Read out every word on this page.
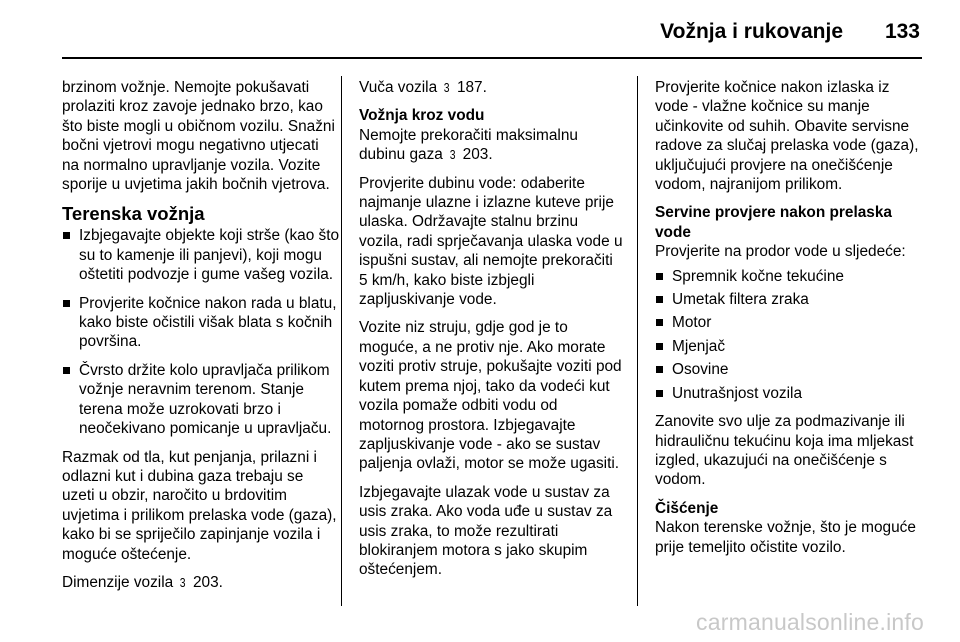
Vožnja i rukovanje 133

brzinom vožnje. Nemojte pokušavati prolaziti kroz zavoje jednako brzo, kao što biste mogli u običnom vozilu. Snažni bočni vjetrovi mogu negativno utjecati na normalno upravljanje vozila. Vozite sporije u uvjetima jakih bočnih vjetrova.

Terenska vožnja
Izbjegavajte objekte koji strše (kao što su to kamenje ili panjevi), koji mogu oštetiti podvozje i gume vašeg vozila.
Provjerite kočnice nakon rada u blatu, kako biste očistili višak blata s kočnih površina.
Čvrsto držite kolo upravljača prilikom vožnje neravnim terenom. Stanje terena može uzrokovati brzo i neočekivano pomicanje u upravljaču.

Razmak od tla, kut penjanja, prilazni i odlazni kut i dubina gaza trebaju se uzeti u obzir, naročito u brdovitim uvjetima i prilikom prelaska vode (gaza), kako bi se spriječilo zapinjanje vozila i moguće oštećenje.

Dimenzije vozila 3 203.

Vuča vozila 3 187.

Vožnja kroz vodu

Nemojte prekoračiti maksimalnu dubinu gaza 3 203.

Provjerite dubinu vode: odaberite najmanje ulazne i izlazne kuteve prije ulaska. Održavajte stalnu brzinu vozila, radi sprječavanja ulaska vode u ispušni sustav, ali nemojte prekoračiti 5 km/h, kako biste izbjegli zapljuskivanje vode.

Vozite niz struju, gdje god je to moguće, a ne protiv nje. Ako morate voziti protiv struje, pokušajte voziti pod kutem prema njoj, tako da vodeći kut vozila pomaže odbiti vodu od motornog prostora. Izbjegavajte zapljuskivanje vode - ako se sustav paljenja ovlaži, motor se može ugasiti.

Izbjegavajte ulazak vode u sustav za usis zraka. Ako voda uđe u sustav za usis zraka, to može rezultirati blokiranjem motora s jako skupim oštećenjem.

Provjerite kočnice nakon izlaska iz vode - vlažne kočnice su manje učinkovite od suhih. Obavite servisne radove za slučaj prelaska vode (gaza), uključujući provjere na onečišćenje vodom, najranijom prilikom.

Servine provjere nakon prelaska vode

Provjerite na prodor vode u sljedeće:

Spremnik kočne tekućine
Umetak filtera zraka
Motor
Mjenjač
Osovine
Unutrašnjost vozila

Zanovite svo ulje za podmazivanje ili hidrauličnu tekućinu koja ima mljekast izgled, ukazujući na onečišćenje s vodom.

Čišćenje

Nakon terenske vožnje, što je moguće prije temeljito očistite vozilo.

carmanualsonline.info
